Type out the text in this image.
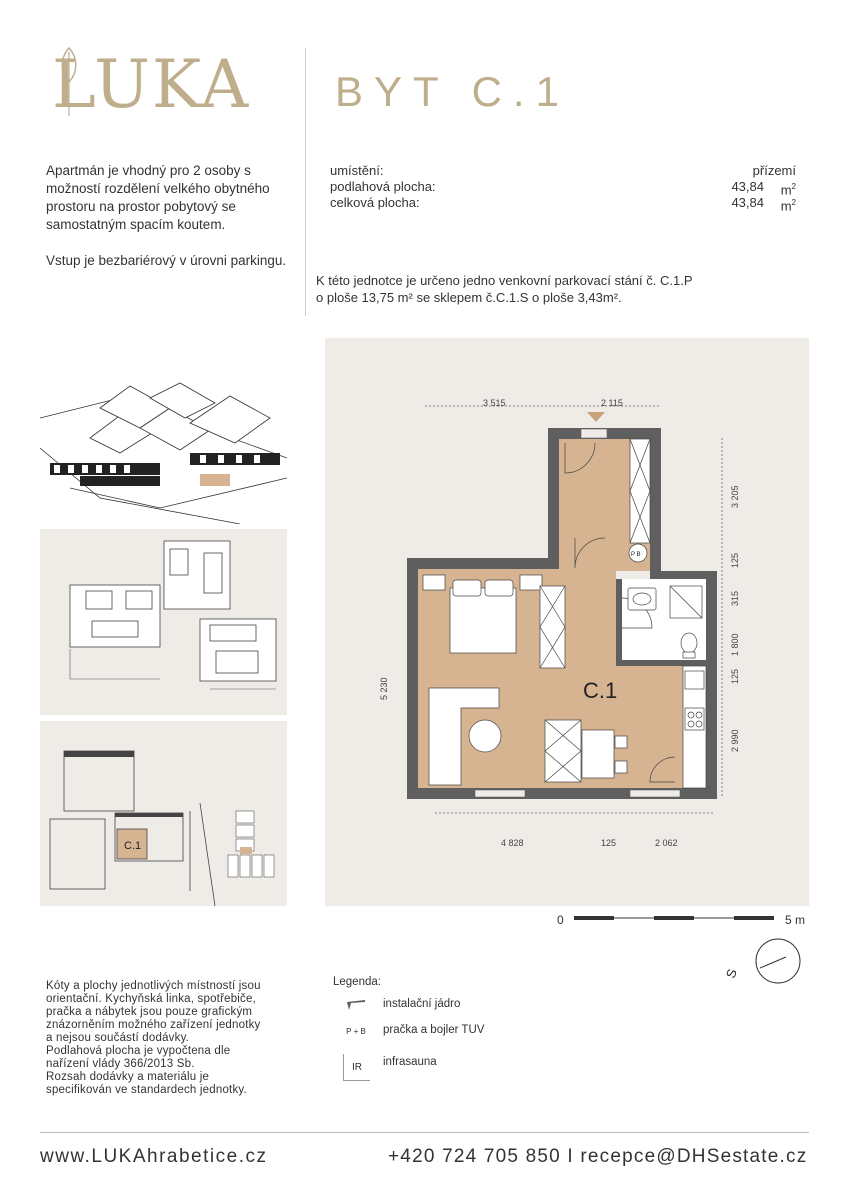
LUKA BYT C.1

Apartmán je vhodný pro 2 osoby s možností rozdělení velkého obytného prostoru na prostor pobytový se samostatným spacím koutem.

Vstup je bezbariérový v úrovni parkingu.

umístění:	přízemí
podlahová plocha:	43,84 $m^2$
celková plocha:	43,84 $m^2$
K této jednotce je určeno jedno venkovní parkovací stání č. C.1.P
o ploše 13,75 m² se sklepem č.C.1.S o ploše 3,43m².
C.1
3 515	2 115
4 828	125	2 062
5 230
3 205
125
315
1 800
125
2 990
P B
C.1
0	5 m
S
Legenda:
instalační jádro
P + B pračka a bojler TUV
IR	infrasauna

Kóty a plochy jednotlivých místností jsou

orientační. Kychyňská linka, spotřebiče,

pračka a nábytek jsou pouze grafickým

znázorněním možného zařízení jednotky

a nejsou součástí dodávky.

Podlahová plocha je vypočtena dle

nařízení vlády 366/2013 Sb.

Rozsah dodávky a materiálu je

specifikován ve standardech jednotky.

www.LUKAhrabetice.cz	+420 724 705 850 I recepce@DHSestate.cz
